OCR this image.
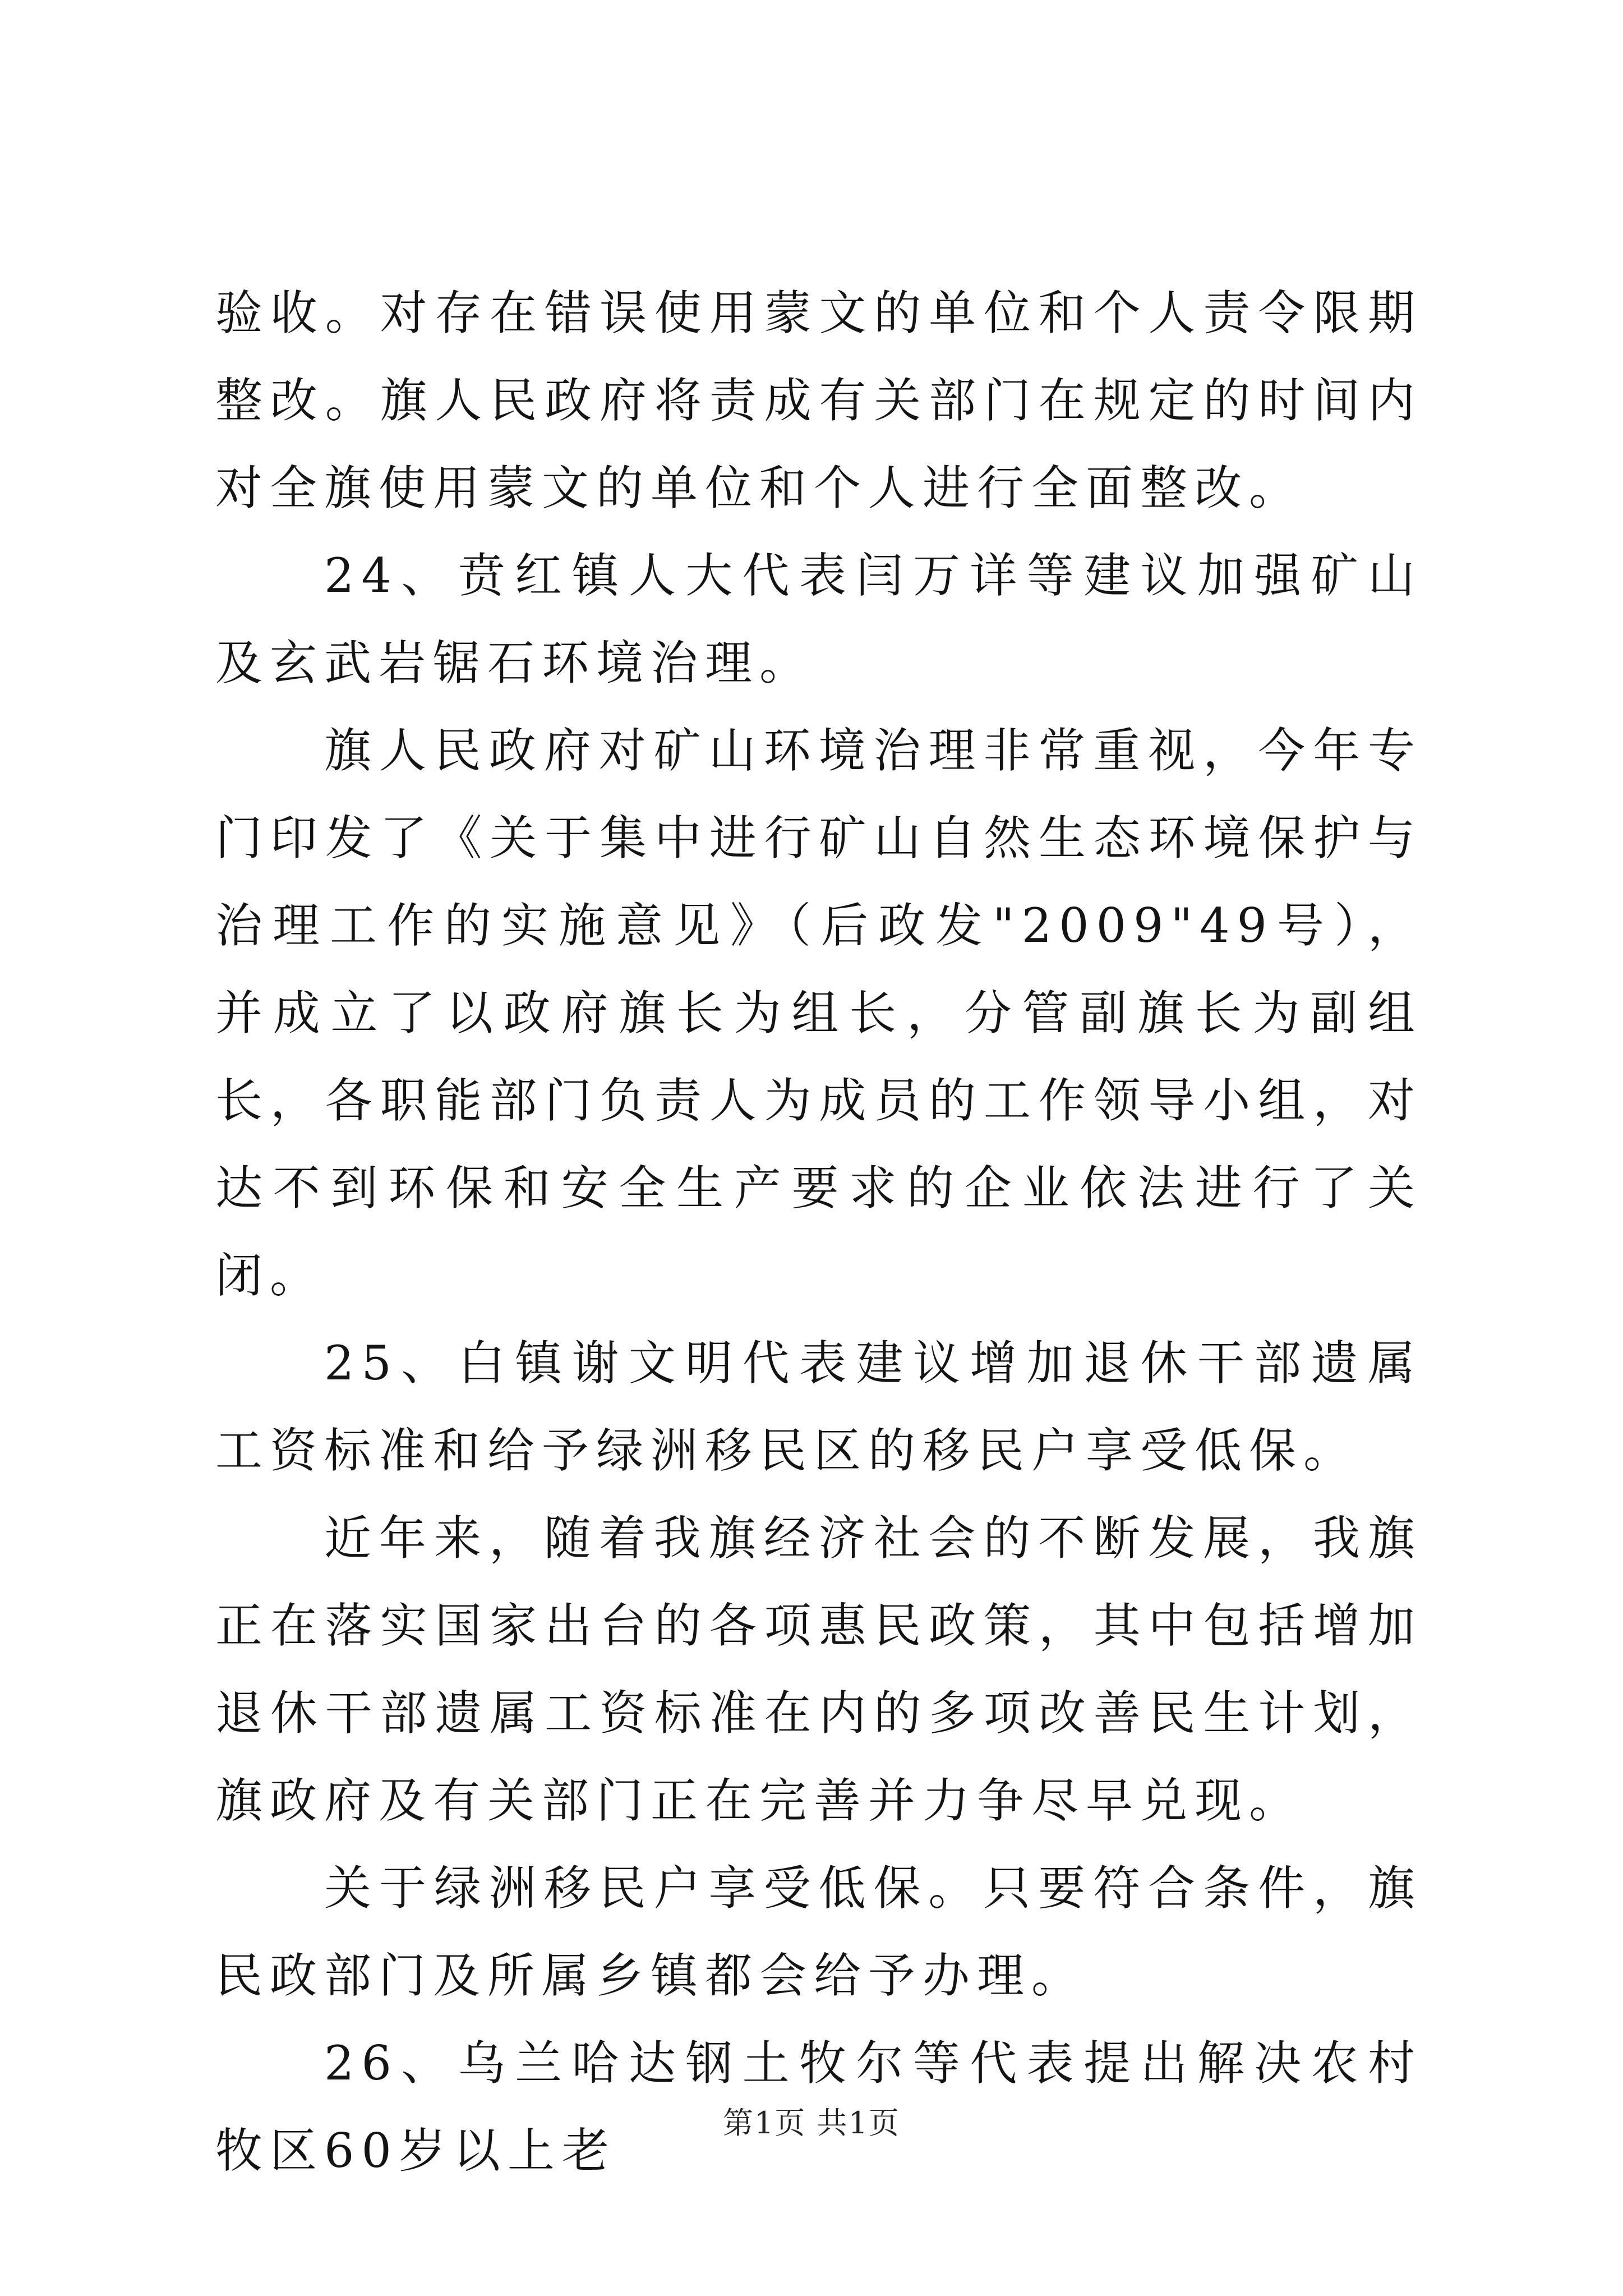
验收。对存在错误使用蒙文的单位和个人责令限期整改。旗人民政府将责成有关部门在规定的时间内对全旗使用蒙文的单位和个人进行全面整改。

24、贲红镇人大代表闫万详等建议加强矿山及玄武岩锯石环境治理。

旗人民政府对矿山环境治理非常重视，今年专门印发了《关于集中进行矿山自然生态环境保护与治理工作的实施意见》（后政发"2009"49号），并成立了以政府旗长为组长，分管副旗长为副组长，各职能部门负责人为成员的工作领导小组，对达不到环保和安全生产要求的企业依法进行了关闭。

25、白镇谢文明代表建议增加退休干部遗属工资标准和给予绿洲移民区的移民户享受低保。

近年来，随着我旗经济社会的不断发展，我旗正在落实国家出台的各项惠民政策，其中包括增加退休干部遗属工资标准在内的多项改善民生计划，旗政府及有关部门正在完善并力争尽早兑现。

关于绿洲移民户享受低保。只要符合条件，旗民政部门及所属乡镇都会给予办理。

26、乌兰哈达钢土牧尔等代表提出解决农村牧区60岁以上老

第1页 共1页
